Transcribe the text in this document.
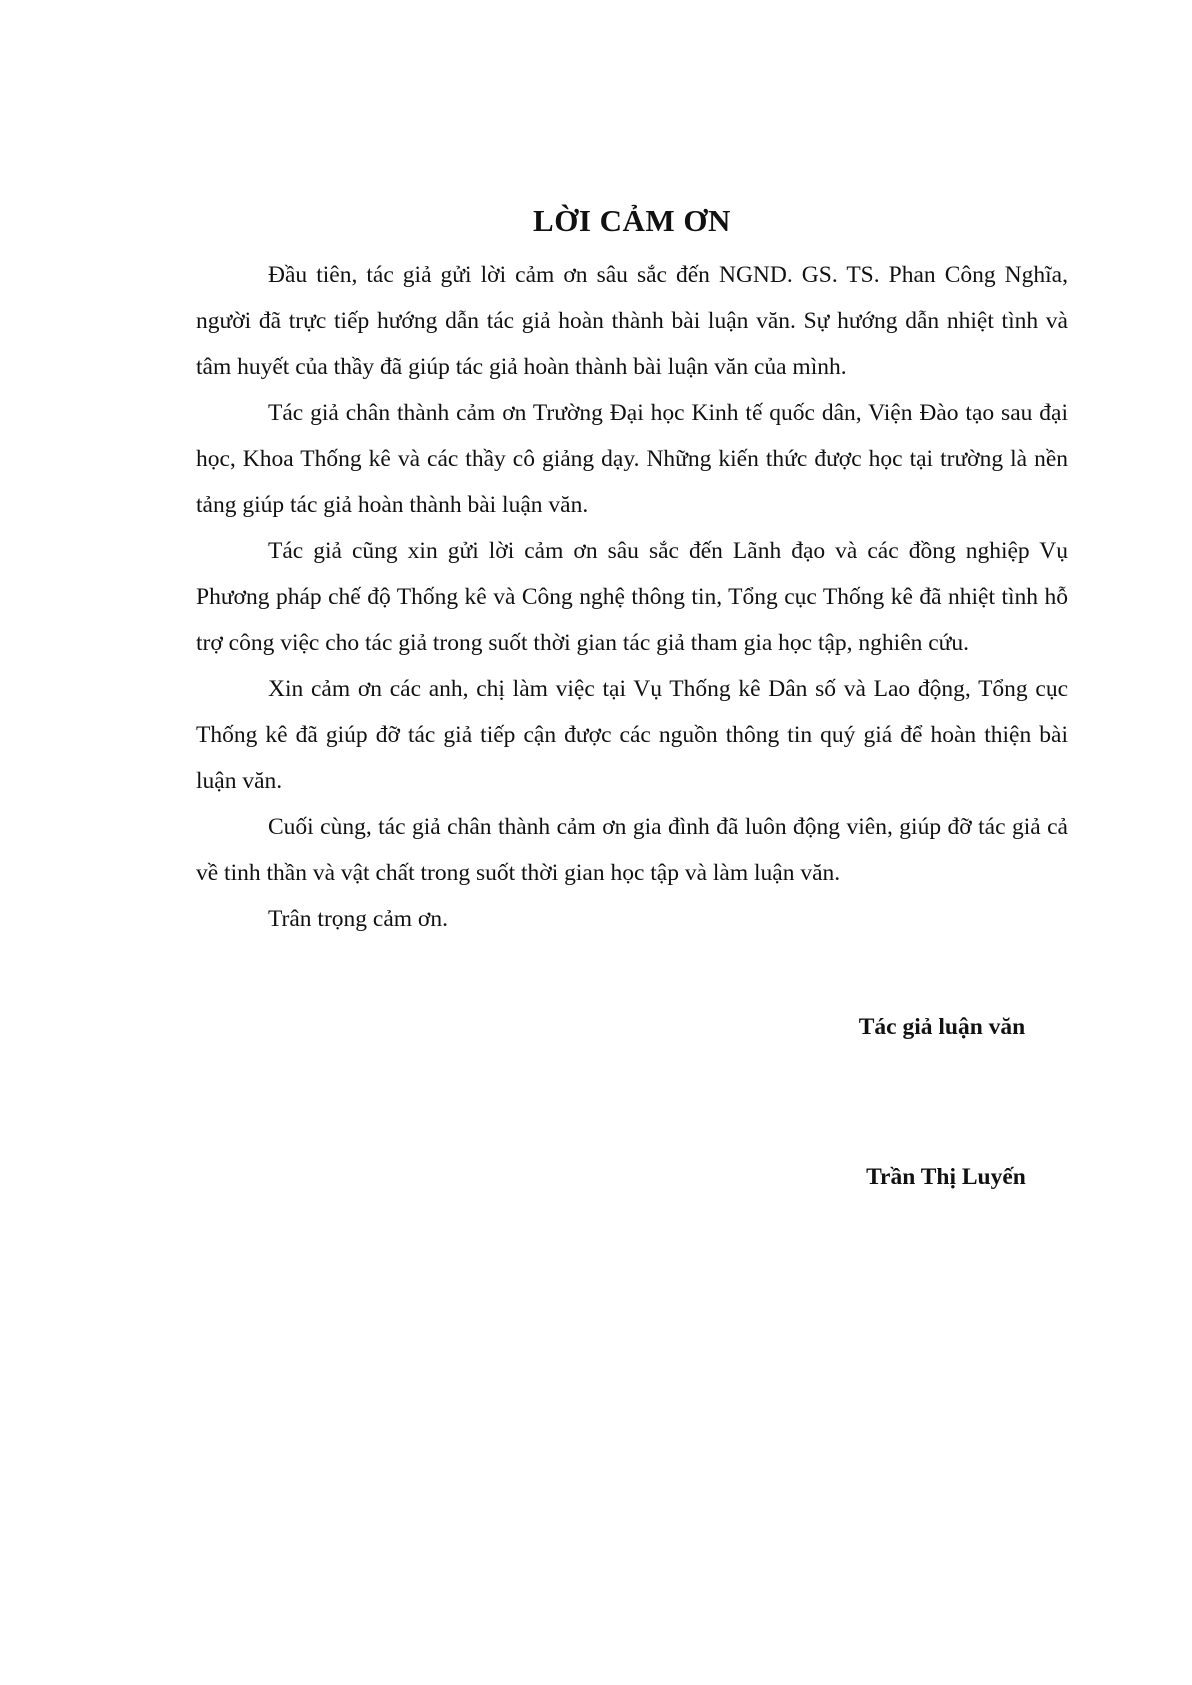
LỜI CẢM ƠN

Đầu tiên, tác giả gửi lời cảm ơn sâu sắc đến NGND. GS. TS. Phan Công Nghĩa, người đã trực tiếp hướng dẫn tác giả hoàn thành bài luận văn. Sự hướng dẫn nhiệt tình và tâm huyết của thầy đã giúp tác giả hoàn thành bài luận văn của mình.

Tác giả chân thành cảm ơn Trường Đại học Kinh tế quốc dân, Viện Đào tạo sau đại học, Khoa Thống kê và các thầy cô giảng dạy. Những kiến thức được học tại trường là nền tảng giúp tác giả hoàn thành bài luận văn.

Tác giả cũng xin gửi lời cảm ơn sâu sắc đến Lãnh đạo và các đồng nghiệp Vụ Phương pháp chế độ Thống kê và Công nghệ thông tin, Tổng cục Thống kê đã nhiệt tình hỗ trợ công việc cho tác giả trong suốt thời gian tác giả tham gia học tập, nghiên cứu.

Xin cảm ơn các anh, chị làm việc tại Vụ Thống kê Dân số và Lao động, Tổng cục Thống kê đã giúp đỡ tác giả tiếp cận được các nguồn thông tin quý giá để hoàn thiện bài luận văn.

Cuối cùng, tác giả chân thành cảm ơn gia đình đã luôn động viên, giúp đỡ tác giả cả về tinh thần và vật chất trong suốt thời gian học tập và làm luận văn.

Trân trọng cảm ơn.

Tác giả luận văn
Trần Thị Luyến
